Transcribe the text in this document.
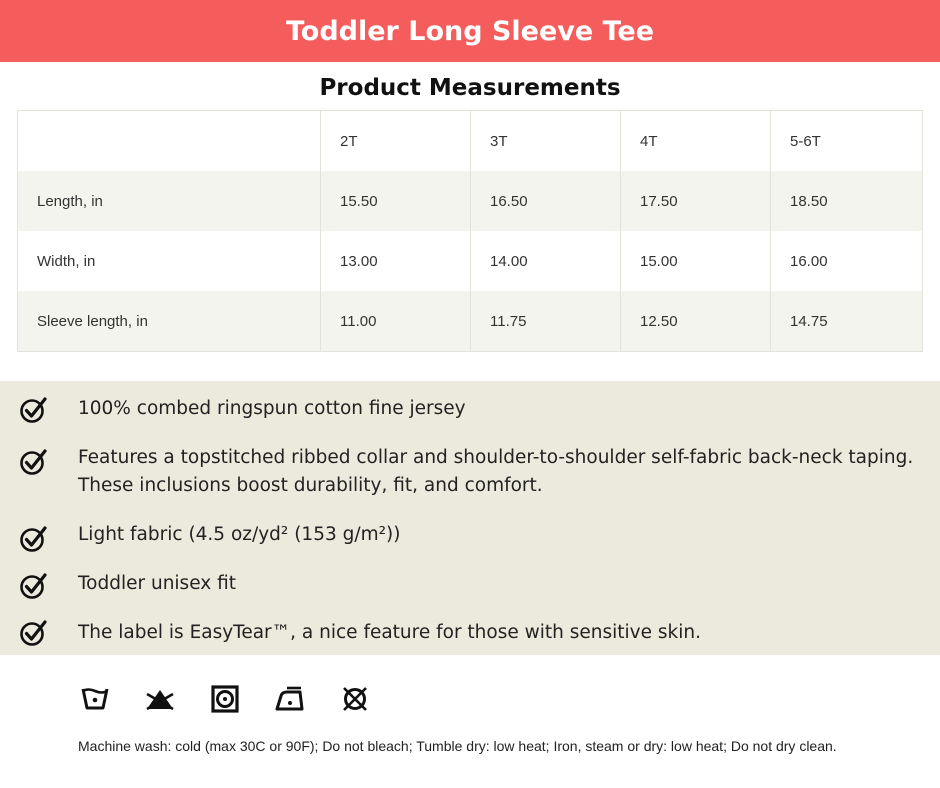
Toddler Long Sleeve Tee
Product Measurements
	2T	3T	4T	5-6T
Length, in	15.50	16.50	17.50	18.50
Width, in	13.00	14.00	15.00	16.00
Sleeve length, in	11.00	11.75	12.50	14.75
100% combed ringspun cotton fine jersey
Features a topstitched ribbed collar and shoulder-to-shoulder self-fabric back-neck taping. These inclusions boost durability, fit, and comfort.
Light fabric (4.5 oz/yd² (153 g/m²))
Toddler unisex fit
The label is EasyTear™, a nice feature for those with sensitive skin.
Machine wash: cold (max 30C or 90F); Do not bleach; Tumble dry: low heat; Iron, steam or dry: low heat; Do not dry clean.
